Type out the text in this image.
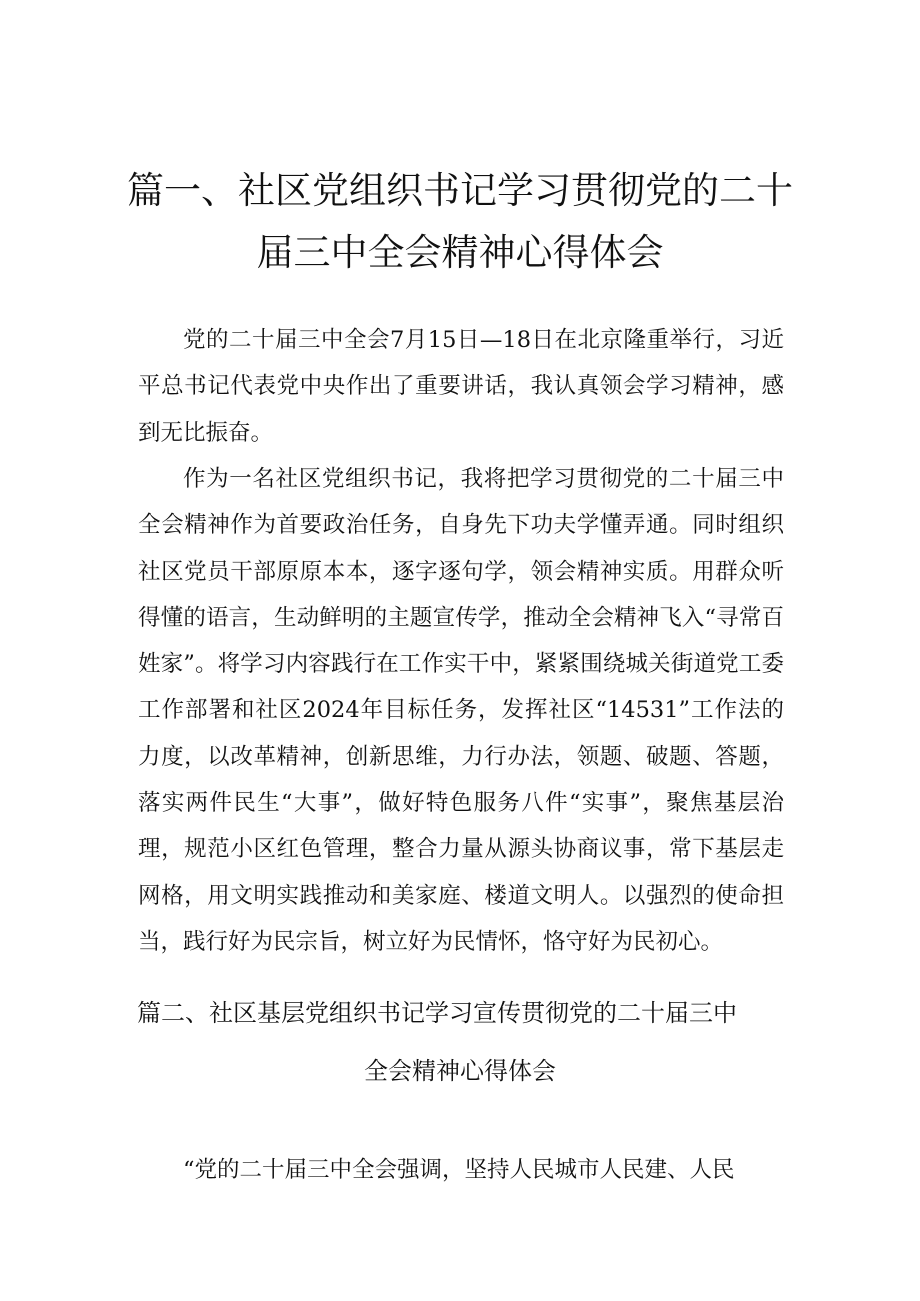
篇一、社区党组织书记学习贯彻党的二十届三中全会精神心得体会

党的二十届三中全会7月15日—18日在北京隆重举行，习近平总书记代表党中央作出了重要讲话，我认真领会学习精神，感到无比振奋。

作为一名社区党组织书记，我将把学习贯彻党的二十届三中全会精神作为首要政治任务，自身先下功夫学懂弄通。同时组织社区党员干部原原本本，逐字逐句学，领会精神实质。用群众听得懂的语言，生动鲜明的主题宣传学，推动全会精神飞入“寻常百姓家”。将学习内容践行在工作实干中，紧紧围绕城关街道党工委工作部署和社区2024年目标任务，发挥社区“14531”工作法的力度，以改革精神，创新思维，力行办法，领题、破题、答题，落实两件民生“大事”，做好特色服务八件“实事”，聚焦基层治理，规范小区红色管理，整合力量从源头协商议事，常下基层走网格，用文明实践推动和美家庭、楼道文明人。以强烈的使命担当，践行好为民宗旨，树立好为民情怀，恪守好为民初心。

篇二、社区基层党组织书记学习宣传贯彻党的二十届三中
全会精神心得体会

“党的二十届三中全会强调，坚持人民城市人民建、人民
